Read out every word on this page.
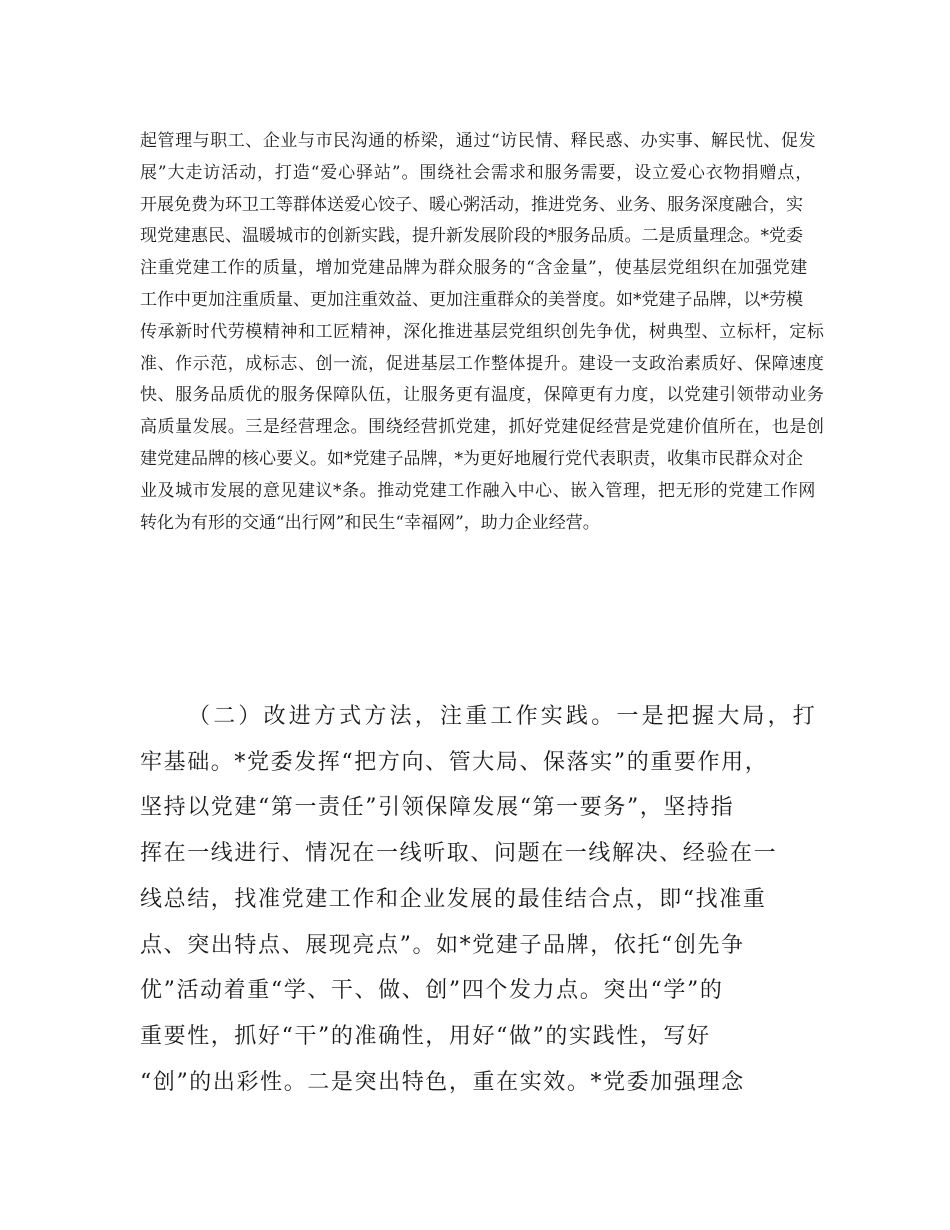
起管理与职工、企业与市民沟通的桥梁，通过“访民情、释民惑、办实事、解民忧、促发
展”大走访活动，打造“爱心驿站”。围绕社会需求和服务需要，设立爱心衣物捐赠点，
开展免费为环卫工等群体送爱心饺子、暖心粥活动，推进党务、业务、服务深度融合，实
现党建惠民、温暖城市的创新实践，提升新发展阶段的*服务品质。二是质量理念。*党委
注重党建工作的质量，增加党建品牌为群众服务的“含金量”，使基层党组织在加强党建
工作中更加注重质量、更加注重效益、更加注重群众的美誉度。如*党建子品牌，以*劳模
传承新时代劳模精神和工匠精神，深化推进基层党组织创先争优，树典型、立标杆，定标
准、作示范，成标志、创一流，促进基层工作整体提升。建设一支政治素质好、保障速度
快、服务品质优的服务保障队伍，让服务更有温度，保障更有力度，以党建引领带动业务
高质量发展。三是经营理念。围绕经营抓党建，抓好党建促经营是党建价值所在，也是创
建党建品牌的核心要义。如*党建子品牌，*为更好地履行党代表职责，收集市民群众对企
业及城市发展的意见建议*条。推动党建工作融入中心、嵌入管理，把无形的党建工作网
转化为有形的交通“出行网”和民生“幸福网”，助力企业经营。
（二）改进方式方法，注重工作实践。一是把握大局，打
牢基础。*党委发挥“把方向、管大局、保落实”的重要作用，
坚持以党建“第一责任”引领保障发展“第一要务”，坚持指
挥在一线进行、情况在一线听取、问题在一线解决、经验在一
线总结，找准党建工作和企业发展的最佳结合点，即“找准重
点、突出特点、展现亮点”。如*党建子品牌，依托“创先争
优”活动着重“学、干、做、创”四个发力点。突出“学”的
重要性，抓好“干”的准确性，用好“做”的实践性，写好
“创”的出彩性。二是突出特色，重在实效。*党委加强理念
